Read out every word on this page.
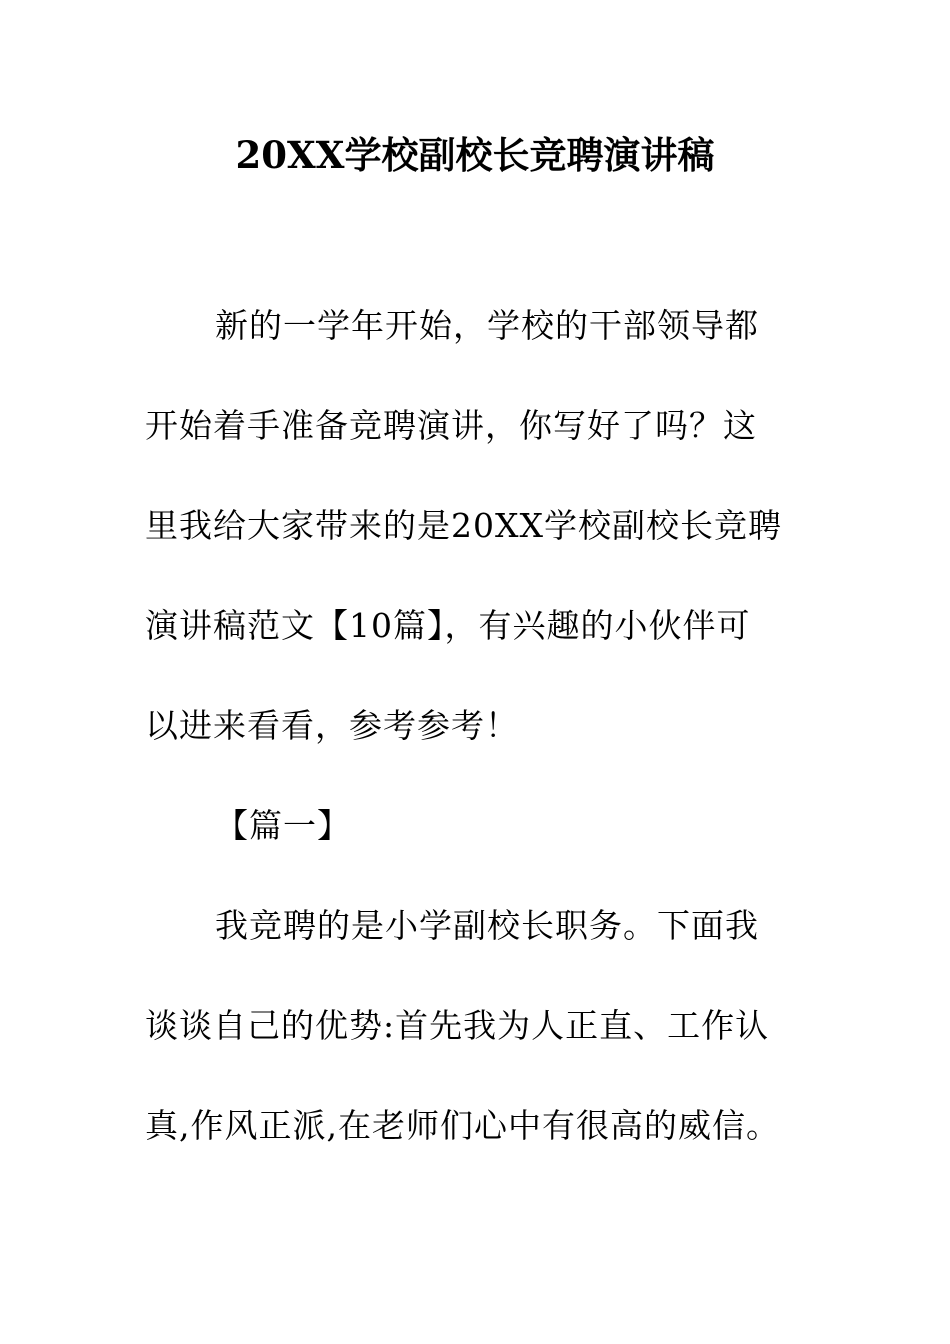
20XX学校副校长竞聘演讲稿
新的一学年开始，学校的干部领导都
开始着手准备竞聘演讲，你写好了吗？这
里我给大家带来的是20XX学校副校长竞聘
演讲稿范文【10篇】，有兴趣的小伙伴可
以进来看看，参考参考！
【篇一】
我竞聘的是小学副校长职务。下面我
谈谈自己的优势:首先我为人正直、工作认
真,作风正派,在老师们心中有很高的威信。
